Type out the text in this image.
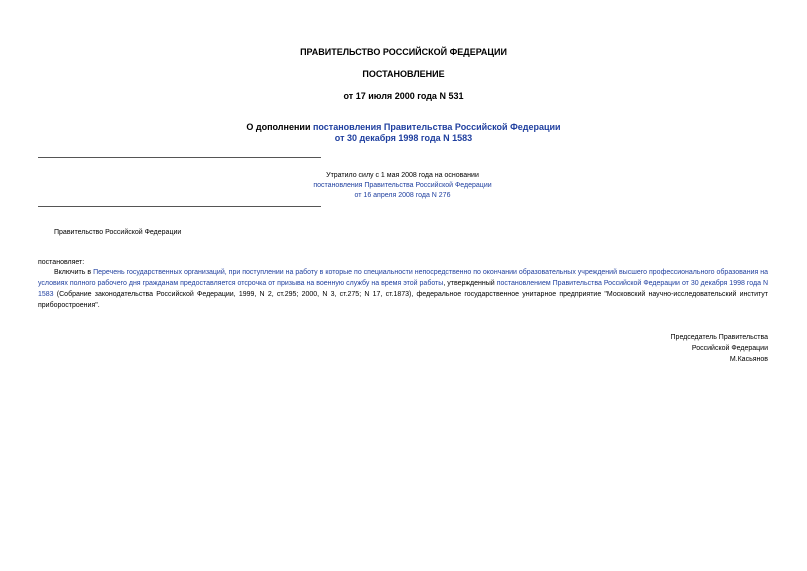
ПРАВИТЕЛЬСТВО РОССИЙСКОЙ ФЕДЕРАЦИИ
ПОСТАНОВЛЕНИЕ
от 17 июля 2000 года N 531
О дополнении постановления Правительства Российской Федерации
от 30 декабря 1998 года N 1583
Утратило силу с 1 мая 2008 года на основании
постановления Правительства Российской Федерации
от 16 апреля 2008 года N 276
Правительство Российской Федерации
постановляет:
Включить в Перечень государственных организаций, при поступлении на работу в которые по специальности непосредственно по окончании образовательных учреждений высшего профессионального образования на условиях полного рабочего дня гражданам предоставляется отсрочка от призыва на военную службу на время этой работы, утвержденный постановлением Правительства Российской Федерации от 30 декабря 1998 года N 1583 (Собрание законодательства Российской Федерации, 1999, N 2, ст.295; 2000, N 3, ст.275; N 17, ст.1873), федеральное государственное унитарное предприятие "Московский научно-исследовательский институт приборостроения".
Председатель Правительства
Российской Федерации
М.Касьянов
